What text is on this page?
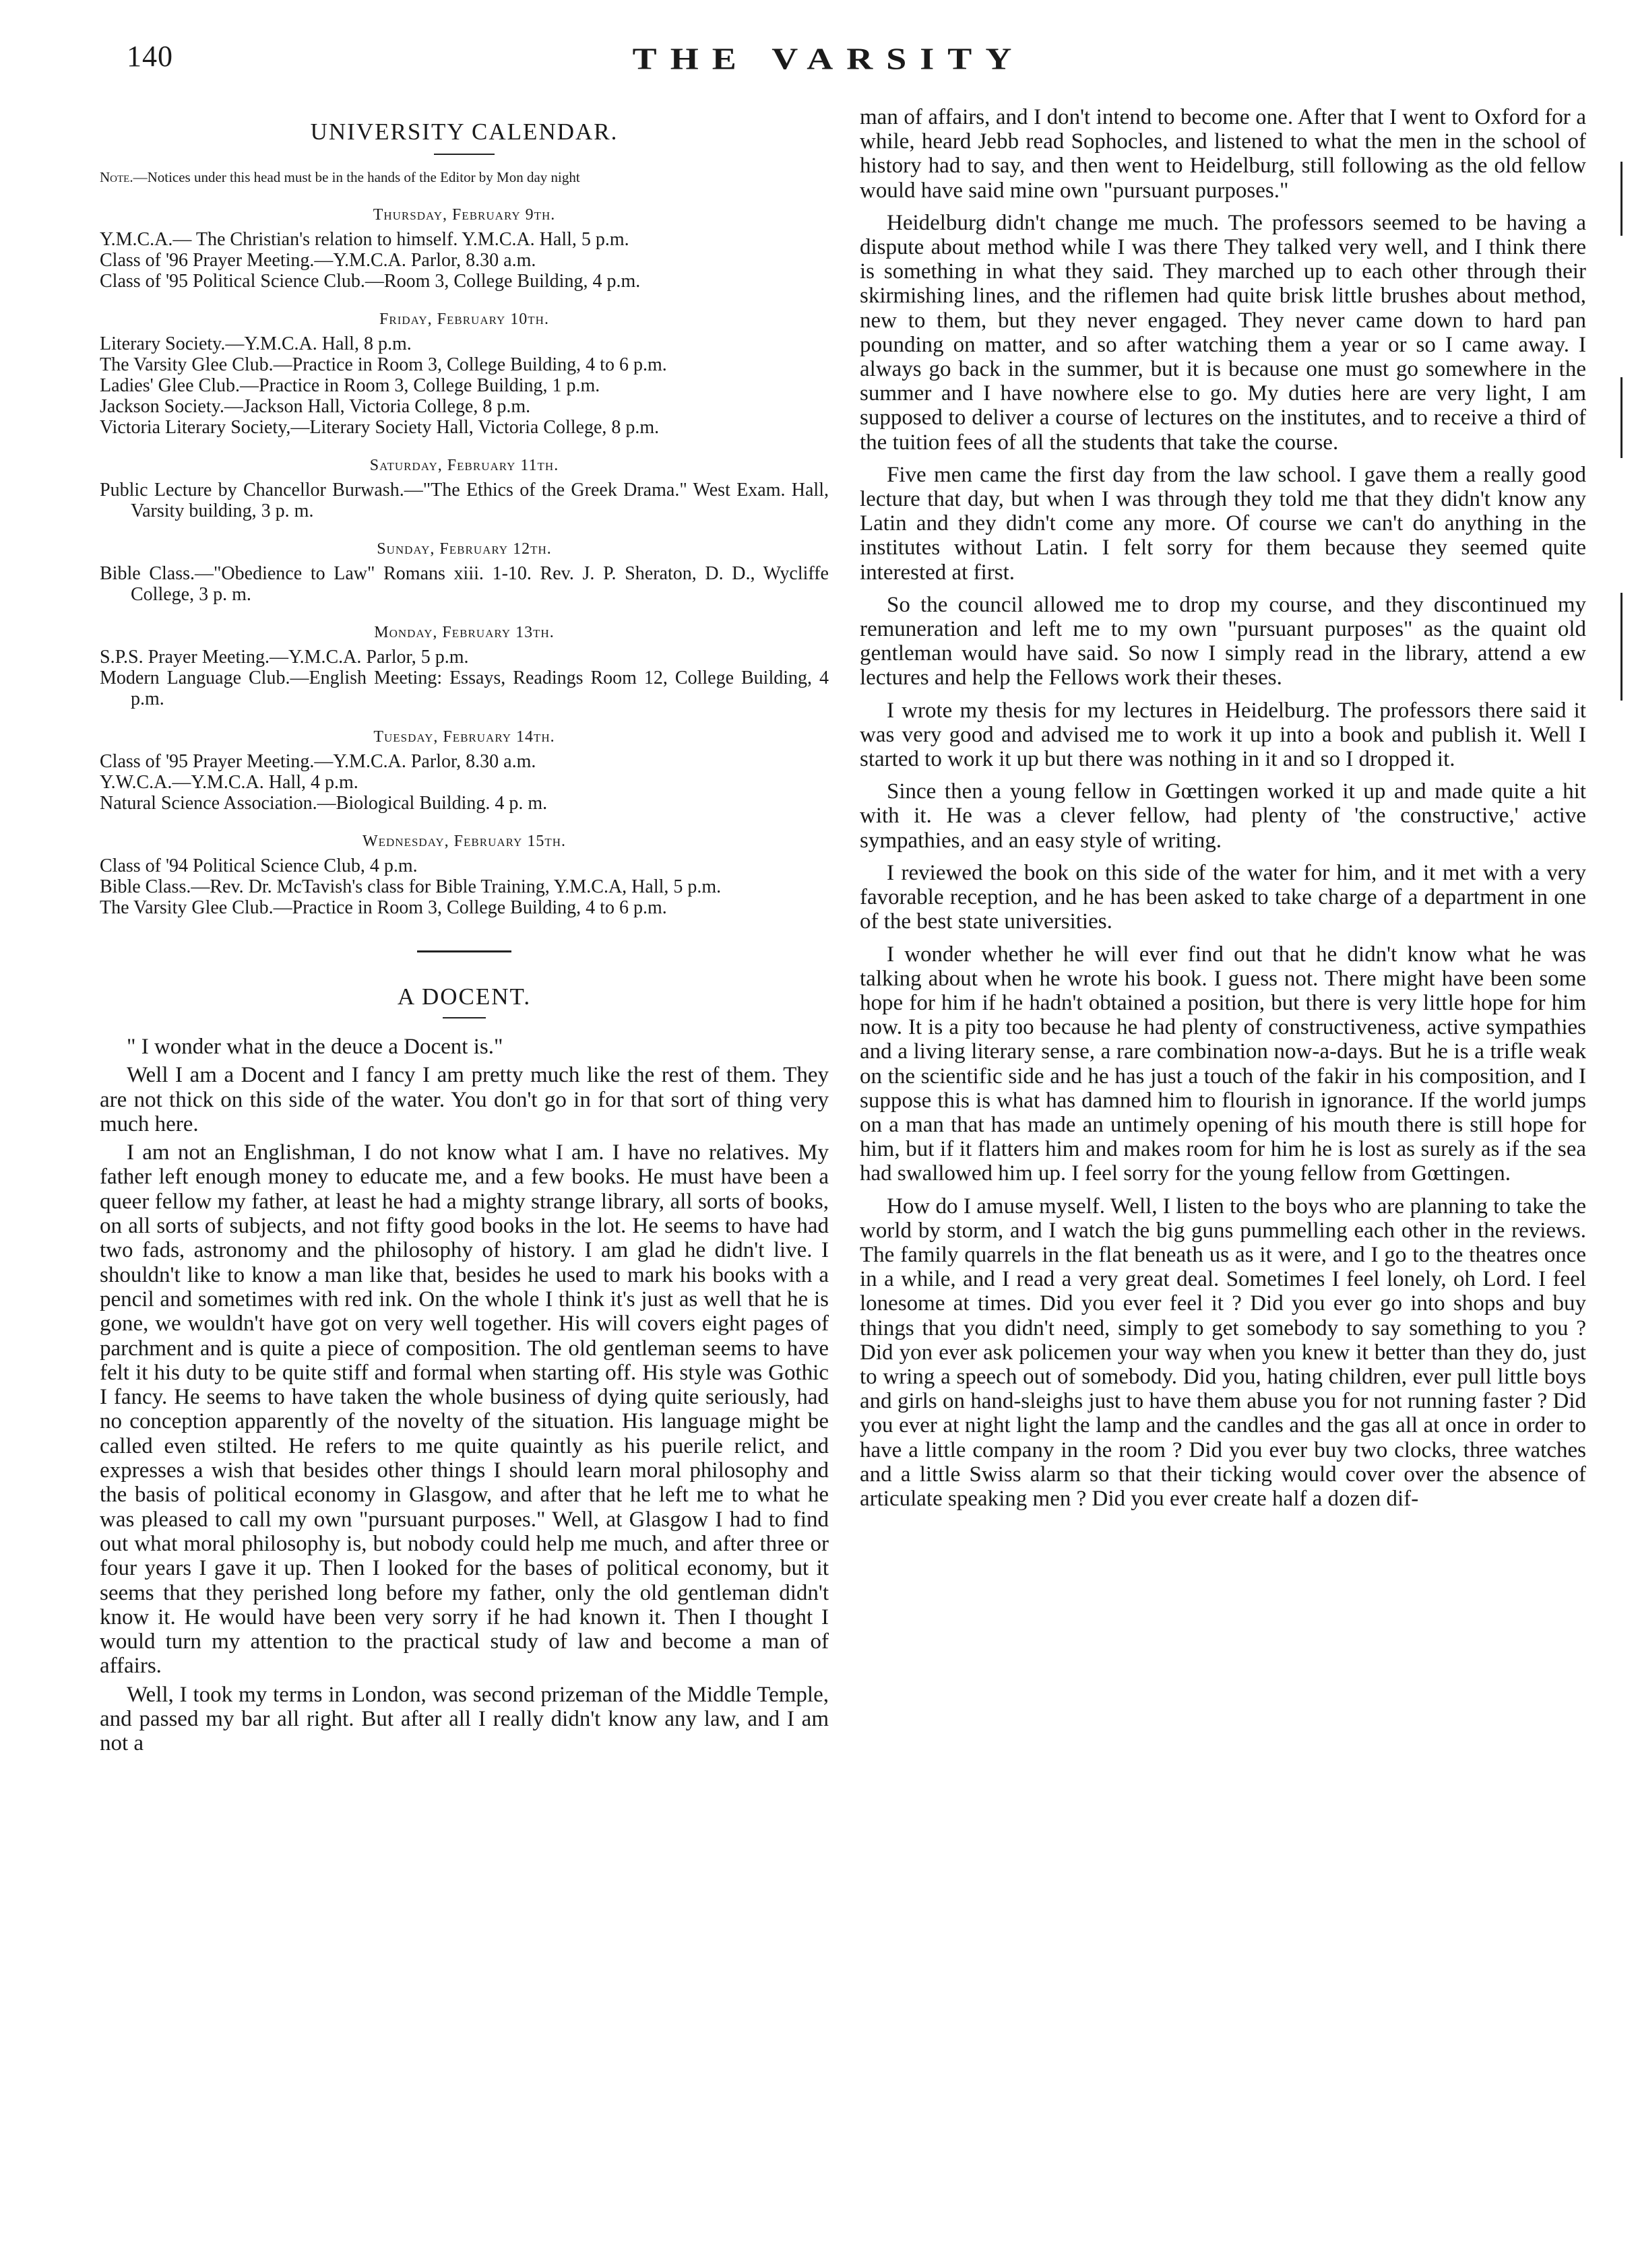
140	THE VARSITY
UNIVERSITY CALENDAR.

Note.—Notices under this head must be in the hands of the Editor by Mon day night

Thursday, February 9th.

Y.M.C.A.— The Christian's relation to himself. Y.M.C.A. Hall, 5 p.m.

Class of '96 Prayer Meeting.—Y.M.C.A. Parlor, 8.30 a.m.

Class of '95 Political Science Club.—Room 3, College Building, 4 p.m.

Friday, February 10th.

Literary Society.—Y.M.C.A. Hall, 8 p.m.

The Varsity Glee Club.—Practice in Room 3, College Building, 4 to 6 p.m.

Ladies' Glee Club.—Practice in Room 3, College Building, 1 p.m.

Jackson Society.—Jackson Hall, Victoria College, 8 p.m.

Victoria Literary Society,—Literary Society Hall, Victoria College, 8 p.m.

Saturday, February 11th.

Public Lecture by Chancellor Burwash.—"The Ethics of the Greek Drama." West Exam. Hall, Varsity building, 3 p. m.

Sunday, February 12th.

Bible Class.—"Obedience to Law" Romans xiii. 1-10. Rev. J. P. Sheraton, D. D., Wycliffe College, 3 p. m.

Monday, February 13th.

S.P.S. Prayer Meeting.—Y.M.C.A. Parlor, 5 p.m.

Modern Language Club.—English Meeting: Essays, Readings Room 12, College Building, 4 p.m.

Tuesday, February 14th.

Class of '95 Prayer Meeting.—Y.M.C.A. Parlor, 8.30 a.m.

Y.W.C.A.—Y.M.C.A. Hall, 4 p.m.

Natural Science Association.—Biological Building. 4 p. m.

Wednesday, February 15th.

Class of '94 Political Science Club, 4 p.m.

Bible Class.—Rev. Dr. McTavish's class for Bible Training, Y.M.C.A, Hall, 5 p.m.

The Varsity Glee Club.—Practice in Room 3, College Building, 4 to 6 p.m.

A DOCENT.

" I wonder what in the deuce a Docent is."

Well I am a Docent and I fancy I am pretty much like the rest of them. They are not thick on this side of the water. You don't go in for that sort of thing very much here.

I am not an Englishman, I do not know what I am. I have no relatives. My father left enough money to educate me, and a few books. He must have been a queer fellow my father, at least he had a mighty strange library, all sorts of books, on all sorts of subjects, and not fifty good books in the lot. He seems to have had two fads, astronomy and the philosophy of history. I am glad he didn't live. I shouldn't like to know a man like that, besides he used to mark his books with a pencil and sometimes with red ink. On the whole I think it's just as well that he is gone, we wouldn't have got on very well together. His will covers eight pages of parchment and is quite a piece of composition. The old gentleman seems to have felt it his duty to be quite stiff and formal when starting off. His style was Gothic I fancy. He seems to have taken the whole business of dying quite seriously, had no conception apparently of the novelty of the situation. His language might be called even stilted. He refers to me quite quaintly as his puerile relict, and expresses a wish that besides other things I should learn moral philosophy and the basis of political economy in Glasgow, and after that he left me to what he was pleased to call my own "pursuant purposes." Well, at Glasgow I had to find out what moral philosophy is, but nobody could help me much, and after three or four years I gave it up. Then I looked for the bases of political economy, but it seems that they perished long before my father, only the old gentleman didn't know it. He would have been very sorry if he had known it. Then I thought I would turn my attention to the practical study of law and become a man of affairs.

Well, I took my terms in London, was second prizeman of the Middle Temple, and passed my bar all right. But after all I really didn't know any law, and I am not a

man of affairs, and I don't intend to become one. After that I went to Oxford for a while, heard Jebb read Sophocles, and listened to what the men in the school of history had to say, and then went to Heidelburg, still following as the old fellow would have said mine own "pursuant purposes."

Heidelburg didn't change me much. The professors seemed to be having a dispute about method while I was there They talked very well, and I think there is something in what they said. They marched up to each other through their skirmishing lines, and the riflemen had quite brisk little brushes about method, new to them, but they never engaged. They never came down to hard pan pounding on matter, and so after watching them a year or so I came away. I always go back in the summer, but it is because one must go somewhere in the summer and I have nowhere else to go. My duties here are very light, I am supposed to deliver a course of lectures on the institutes, and to receive a third of the tuition fees of all the students that take the course.

Five men came the first day from the law school. I gave them a really good lecture that day, but when I was through they told me that they didn't know any Latin and they didn't come any more. Of course we can't do anything in the institutes without Latin. I felt sorry for them because they seemed quite interested at first.

So the council allowed me to drop my course, and they discontinued my remuneration and left me to my own "pursuant purposes" as the quaint old gentleman would have said. So now I simply read in the library, attend a ew lectures and help the Fellows work their theses.

I wrote my thesis for my lectures in Heidelburg. The professors there said it was very good and advised me to work it up into a book and publish it. Well I started to work it up but there was nothing in it and so I dropped it.

Since then a young fellow in Gœttingen worked it up and made quite a hit with it. He was a clever fellow, had plenty of 'the constructive,' active sympathies, and an easy style of writing.

I reviewed the book on this side of the water for him, and it met with a very favorable reception, and he has been asked to take charge of a department in one of the best state universities.

I wonder whether he will ever find out that he didn't know what he was talking about when he wrote his book. I guess not. There might have been some hope for him if he hadn't obtained a position, but there is very little hope for him now. It is a pity too because he had plenty of constructiveness, active sympathies and a living literary sense, a rare combination now-a-days. But he is a trifle weak on the scientific side and he has just a touch of the fakir in his composition, and I suppose this is what has damned him to flourish in ignorance. If the world jumps on a man that has made an untimely opening of his mouth there is still hope for him, but if it flatters him and makes room for him he is lost as surely as if the sea had swallowed him up. I feel sorry for the young fellow from Gœttingen.

How do I amuse myself. Well, I listen to the boys who are planning to take the world by storm, and I watch the big guns pummelling each other in the reviews. The family quarrels in the flat beneath us as it were, and I go to the theatres once in a while, and I read a very great deal. Sometimes I feel lonely, oh Lord. I feel lonesome at times. Did you ever feel it ? Did you ever go into shops and buy things that you didn't need, simply to get somebody to say something to you ? Did yon ever ask policemen your way when you knew it better than they do, just to wring a speech out of somebody. Did you, hating children, ever pull little boys and girls on hand-sleighs just to have them abuse you for not running faster ? Did you ever at night light the lamp and the candles and the gas all at once in order to have a little company in the room ? Did you ever buy two clocks, three watches and a little Swiss alarm so that their ticking would cover over the absence of articulate speaking men ? Did you ever create half a dozen dif-
